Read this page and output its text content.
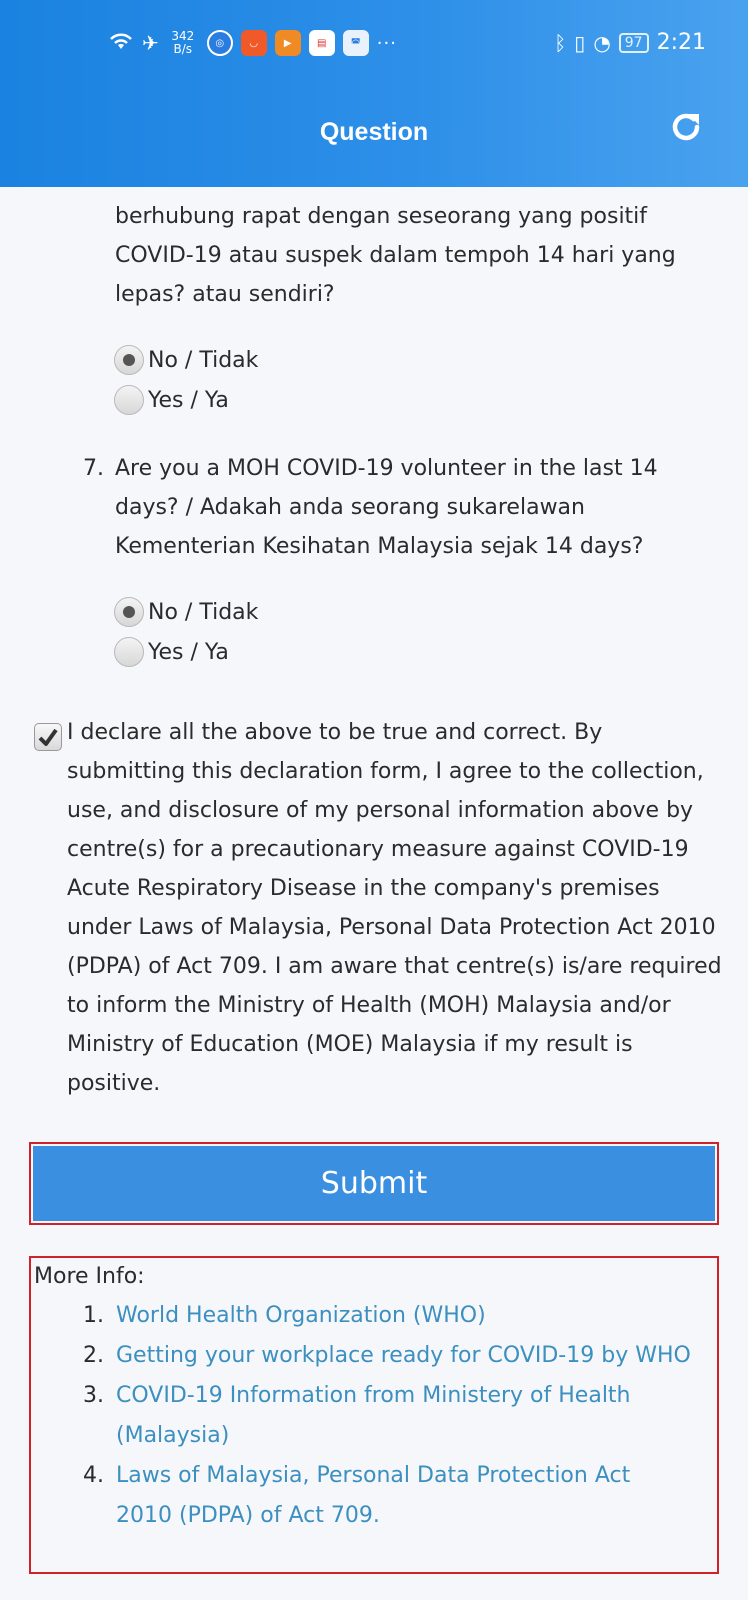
✈	342
B/s	◎	◡	▶	▤	◚ ···	ᛒ ▯ ◔	97 2:21
Question
berhubung rapat dengan seseorang yang positif COVID-19 atau suspek dalam tempoh 14 hari yang lepas? atau sendiri?
No / Tidak
Yes / Ya
7. Are you a MOH COVID-19 volunteer in the last 14 days? / Adakah anda seorang sukarelawan Kementerian Kesihatan Malaysia sejak 14 days?
No / Tidak
Yes / Ya
I declare all the above to be true and correct. By submitting this declaration form, I agree to the collection, use, and disclosure of my personal information above by centre(s) for a precautionary measure against COVID-19 Acute Respiratory Disease in the company's premises under Laws of Malaysia, Personal Data Protection Act 2010 (PDPA) of Act 709. I am aware that centre(s) is/are required to inform the Ministry of Health (MOH) Malaysia and/or Ministry of Education (MOE) Malaysia if my result is positive.
Submit
More Info:
1. World Health Organization (WHO)
2. Getting your workplace ready for COVID-19 by WHO
3. COVID-19 Information from Ministery of Health (Malaysia)
4. Laws of Malaysia, Personal Data Protection Act 2010 (PDPA) of Act 709.
